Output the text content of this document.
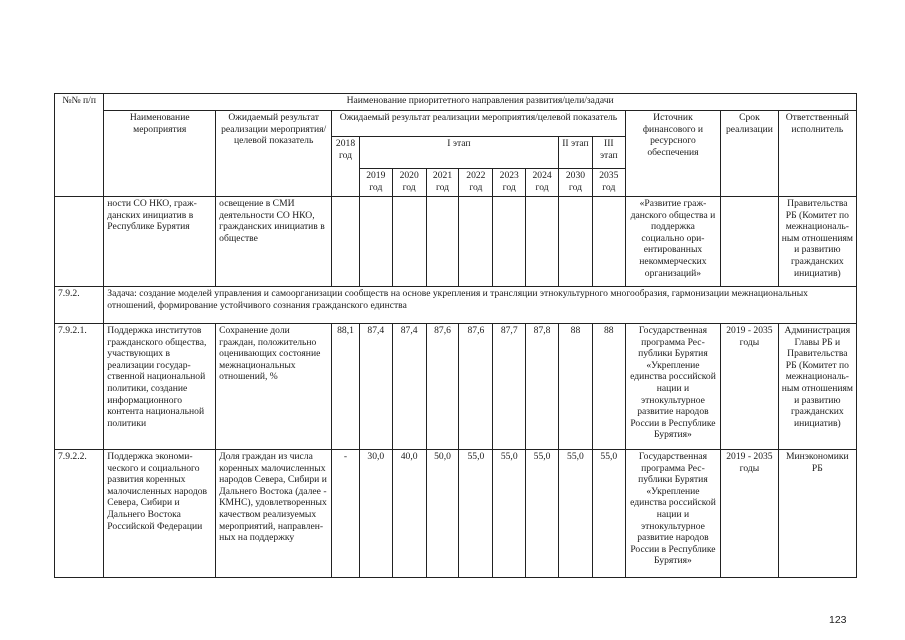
№№ п/п	Наименование приоритетного направления развития/цели/задачи													
	Наименование мероприятия	Ожидаемый результат реализации мероприятия/целевой показатель	Ожидаемый результат реализации мероприятия/целевой показатель									Источник финансового и ресурсного обеспечения	Срок реализации	Ответственный исполнитель
			2018 год	I этап						II этап	III этап			
				2019 год	2020 год	2021 год	2022 год	2023 год	2024 год	2030 год	2035 год			
	ности СО НКО, гражданских инициатив в Республике Бурятия	освещение в СМИ деятельности СО НКО, гражданских инициатив в обществе										«Развитие гражданского общества и поддержка социально ориентированных некоммерческих организаций»		Правительства РБ (Комитет по межнациональным отношениям и развитию гражданских инициатив)
7.9.2.	Задача: создание моделей управления и самоорганизации сообществ на основе укрепления и трансляции этнокультурного многообразия, гармонизации межнациональных отношений, формирование устойчивого сознания гражданского единства													
7.9.2.1.	Поддержка институтов гражданского общества, участвующих в реализации государственной национальной политики, создание информационного контента национальной политики	Сохранение доли граждан, положительно оценивающих состояние межнациональных отношений, %	88,1	87,4	87,4	87,6	87,6	87,7	87,8	88	88	Государственная программа Республики Бурятия «Укрепление единства российской нации и этнокультурное развитие народов России в Республике Бурятия»	2019 - 2035 годы	Администрация Главы РБ и Правительства РБ (Комитет по межнациональным отношениям и развитию гражданских инициатив)
7.9.2.2.	Поддержка экономического и социального развития коренных малочисленных народов Севера, Сибири и Дальнего Востока Российской Федерации	Доля граждан из числа коренных малочисленных народов Севера, Сибири и Дальнего Востока (далее - КМНС), удовлетворенных качеством реализуемых мероприятий, направленных на поддержку	-	30,0	40,0	50,0	55,0	55,0	55,0	55,0	55,0	Государственная программа Республики Бурятия «Укрепление единства российской нации и этнокультурное развитие народов России в Республике Бурятия»	2019 - 2035 годы	Минэкономики РБ
123
